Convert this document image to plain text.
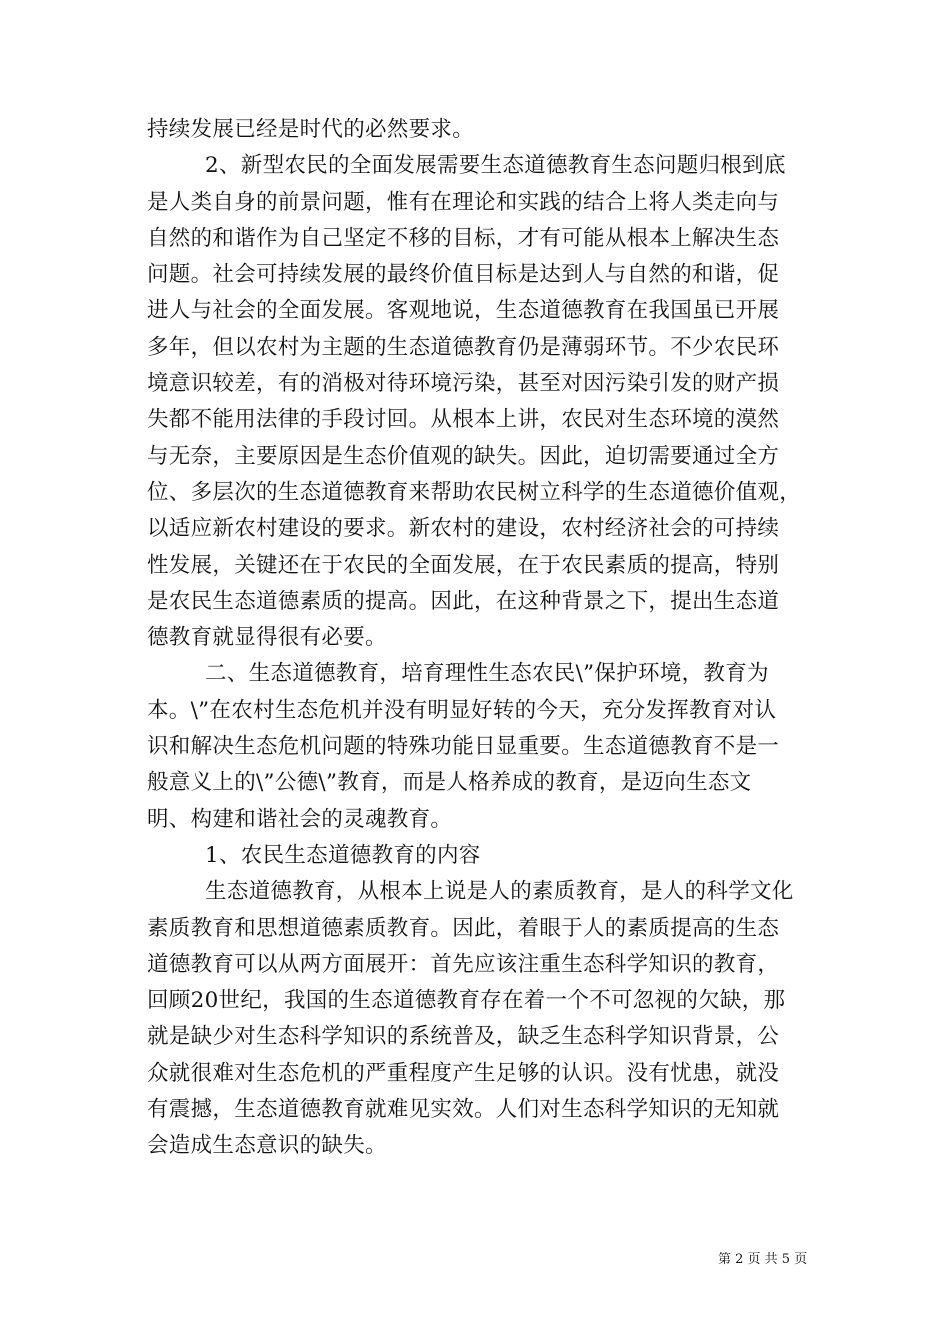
持续发展已经是时代的必然要求。
2、新型农民的全面发展需要生态道德教育生态问题归根到底
是人类自身的前景问题，惟有在理论和实践的结合上将人类走向与
自然的和谐作为自己坚定不移的目标，才有可能从根本上解决生态
问题。社会可持续发展的最终价值目标是达到人与自然的和谐，促
进人与社会的全面发展。客观地说，生态道德教育在我国虽已开展
多年，但以农村为主题的生态道德教育仍是薄弱环节。不少农民环
境意识较差，有的消极对待环境污染，甚至对因污染引发的财产损
失都不能用法律的手段讨回。从根本上讲，农民对生态环境的漠然
与无奈，主要原因是生态价值观的缺失。因此，迫切需要通过全方
位、多层次的生态道德教育来帮助农民树立科学的生态道德价值观，
以适应新农村建设的要求。新农村的建设，农村经济社会的可持续
性发展，关键还在于农民的全面发展，在于农民素质的提高，特别
是农民生态道德素质的提高。因此，在这种背景之下，提出生态道
德教育就显得很有必要。
二、生态道德教育，培育理性生态农民\”保护环境，教育为
本。\”在农村生态危机并没有明显好转的今天，充分发挥教育对认
识和解决生态危机问题的特殊功能日显重要。生态道德教育不是一
般意义上的\”公德\”教育，而是人格养成的教育，是迈向生态文
明、构建和谐社会的灵魂教育。
1、农民生态道德教育的内容
生态道德教育，从根本上说是人的素质教育，是人的科学文化
素质教育和思想道德素质教育。因此，着眼于人的素质提高的生态
道德教育可以从两方面展开：首先应该注重生态科学知识的教育，
回顾20世纪，我国的生态道德教育存在着一个不可忽视的欠缺，那
就是缺少对生态科学知识的系统普及，缺乏生态科学知识背景，公
众就很难对生态危机的严重程度产生足够的认识。没有忧患，就没
有震撼，生态道德教育就难见实效。人们对生态科学知识的无知就
会造成生态意识的缺失。
第 2 页 共 5 页
